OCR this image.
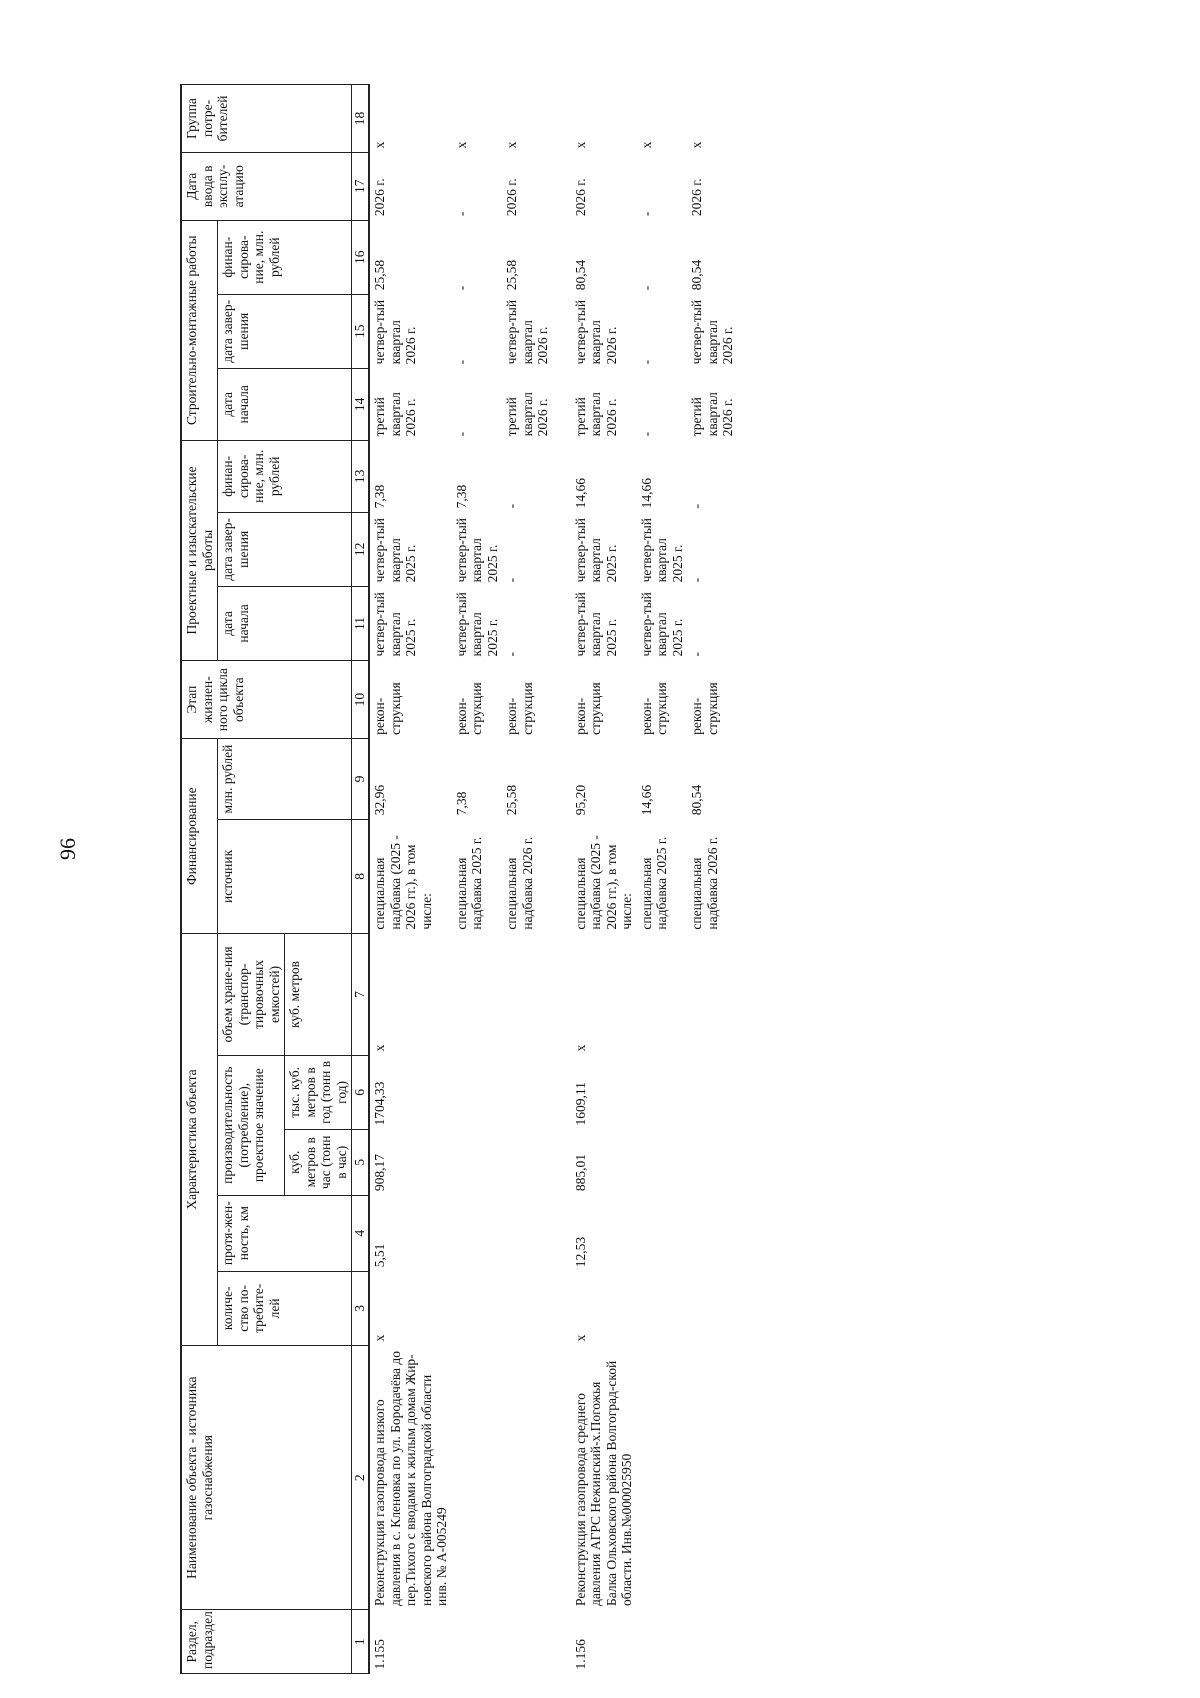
96
Раздел, подраздел	Наименование объекта - источника газоснабжения	Характеристика объекта					Финансирование		Этап жизнен-ного цикла объекта	Проектные и изыскательские работы			Строительно-монтажные работы			Дата ввода в эксплу-атацию	Группа потре-бителей
		количе-ство по-требите-лей	протя-жен-ность, км	производительность (потребление), проектное значение		объем хране-ния (транспор-тировочных емкостей)	источник	млн. рублей		дата начала	дата завер-шения	финан-сирова-ние, млн. рублей	дата начала	дата завер-шения	финан-сирова-ние, млн. рублей		
				куб. метров в час (тонн в час)	тыс. куб. метров в год (тонн в год)	куб. метров											
1	2	3	4	5	6	7	8	9	10	11	12	13	14	15	16	17	18
1.155	Реконструкция газопровода низкого давления в с. Кленовка по ул. Бородачёва до пер.Тихого с вводами к жилым домам Жир-новского района Волгоградской области инв. № А-005249	x	5,51	908,17	1704,33	x	специальная надбавка (2025 - 2026 гг.), в том числе:	32,96	рекон-струкция	четвер-тый квартал 2025 г.	четвер-тый квартал 2025 г.	7,38	третий квартал 2026 г.	четвер-тый квартал 2026 г.	25,58	2026 г.	x
							специальная надбавка 2025 г.	7,38	рекон-струкция	четвер-тый квартал 2025 г.	четвер-тый квартал 2025 г.	7,38	-	-	-	-	x
							специальная надбавка 2026 г.	25,58	рекон-струкция	-	-	-	третий квартал 2026 г.	четвер-тый квартал 2026 г.	25,58	2026 г.	x

1.156	Реконструкция газопровода среднего давления АГРС Нежинский-х.Погожья Балка Ольховского района Волгоград-ской области. Инв.№000025950	x	12,53	885,01	1609,11	x	специальная надбавка (2025 - 2026 гг.), в том числе:	95,20	рекон-струкция	четвер-тый квартал 2025 г.	четвер-тый квартал 2025 г.	14,66	третий квартал 2026 г.	четвер-тый квартал 2026 г.	80,54	2026 г.	x
							специальная надбавка 2025 г.	14,66	рекон-струкция	четвер-тый квартал 2025 г.	четвер-тый квартал 2025 г.	14,66	-	-	-	-	x
							специальная надбавка 2026 г.	80,54	рекон-струкция	-	-	-	третий квартал 2026 г.	четвер-тый квартал 2026 г.	80,54	2026 г.	x
